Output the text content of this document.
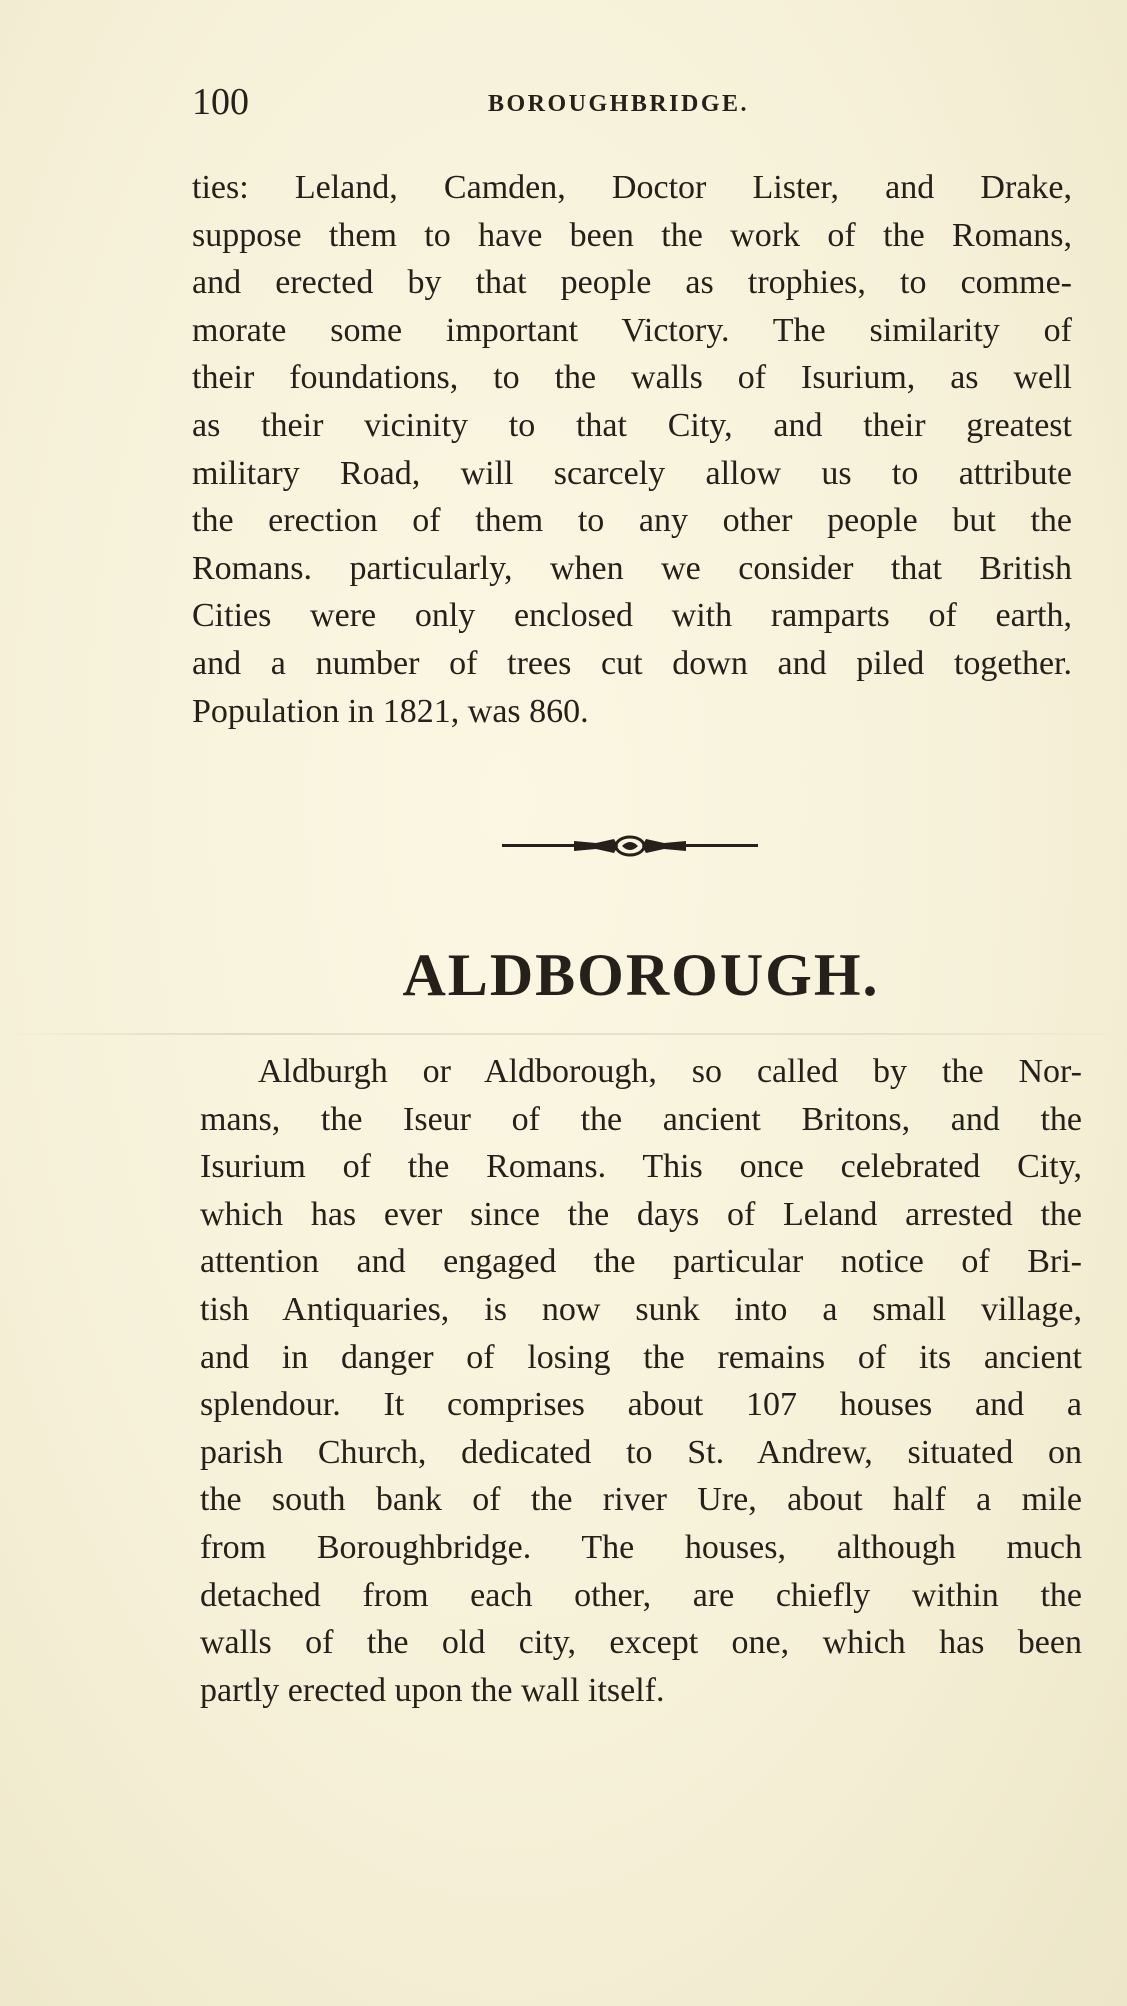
100	BOROUGHBRIDGE.
ties: Leland, Camden, Doctor Lister, and Drake,
suppose them to have been the work of the Romans,
and erected by that people as trophies, to comme-
morate some important Victory. The similarity of
their foundations, to the walls of Isurium, as well
as their vicinity to that City, and their greatest
military Road, will scarcely allow us to attribute
the erection of them to any other people but the
Romans. particularly, when we consider that British
Cities were only enclosed with ramparts of earth,
and a number of trees cut down and piled together.
Population in 1821, was 860.
ALDBOROUGH.
Aldburgh or Aldborough, so called by the Nor-
mans, the Iseur of the ancient Britons, and the
Isurium of the Romans. This once celebrated City,
which has ever since the days of Leland arrested the
attention and engaged the particular notice of Bri-
tish Antiquaries, is now sunk into a small village,
and in danger of losing the remains of its ancient
splendour. It comprises about 107 houses and a
parish Church, dedicated to St. Andrew, situated on
the south bank of the river Ure, about half a mile
from Boroughbridge. The houses, although much
detached from each other, are chiefly within the
walls of the old city, except one, which has been
partly erected upon the wall itself.
